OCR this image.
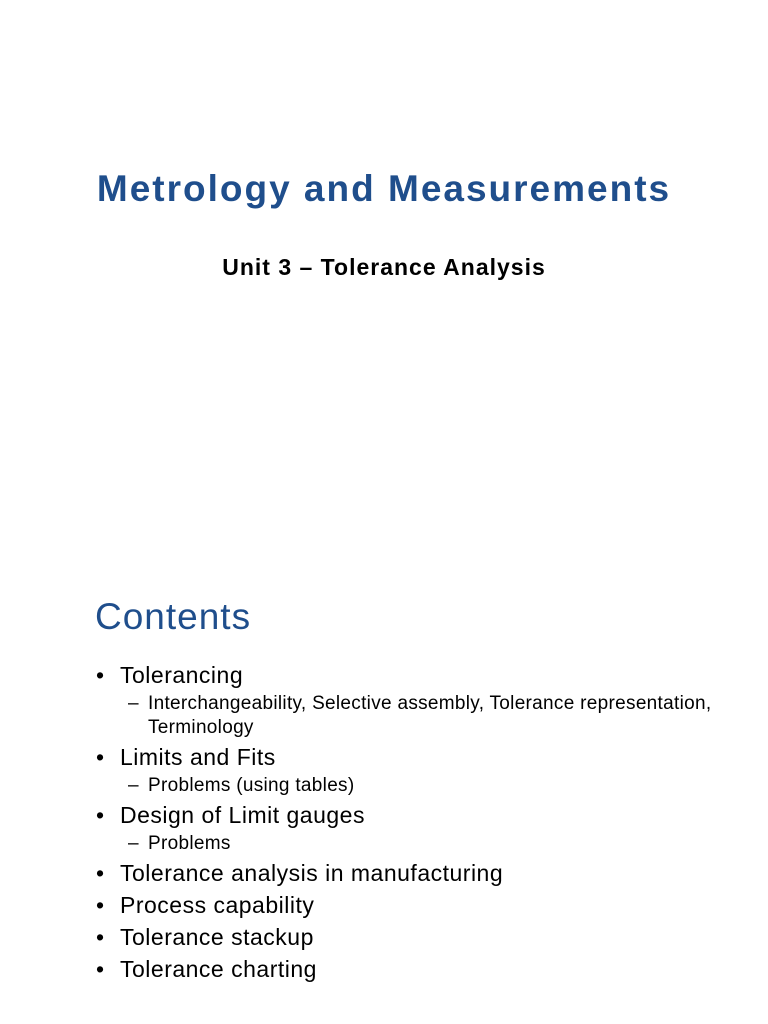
Metrology and Measurements
Unit 3 – Tolerance Analysis
Contents
• Tolerancing
– Interchangeability, Selective assembly, Tolerance representation, Terminology
• Limits and Fits
– Problems (using tables)
• Design of Limit gauges
– Problems
• Tolerance analysis in manufacturing
• Process capability
• Tolerance stackup
• Tolerance charting
